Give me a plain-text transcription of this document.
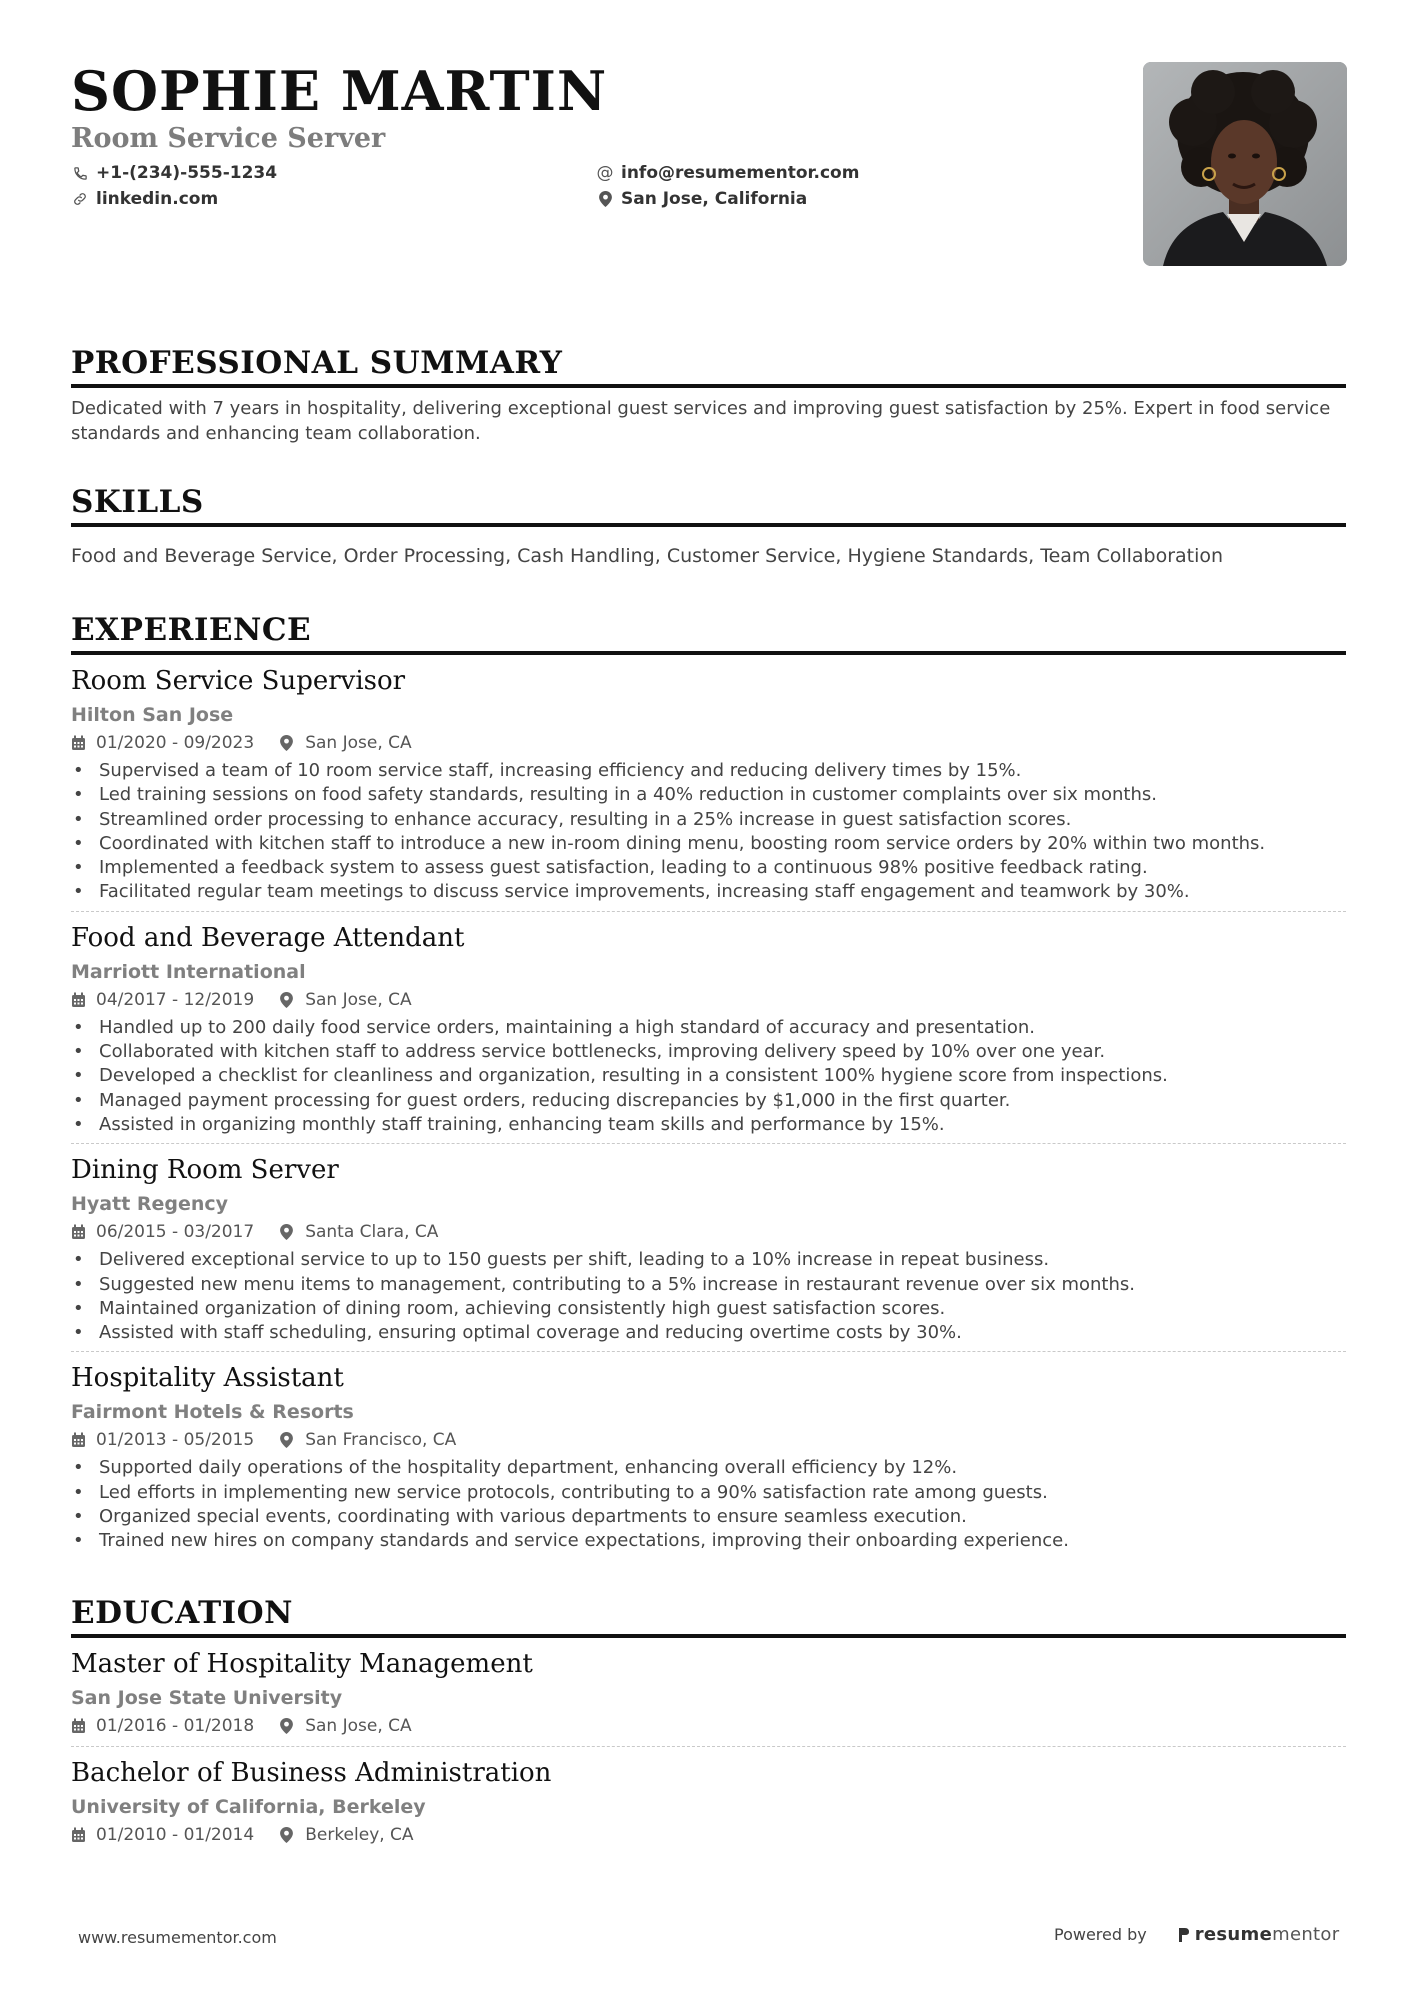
SOPHIE MARTIN
Room Service Server
+1-(234)-555-1234
linkedin.com
@ info@resumementor.com
San Jose, California
PROFESSIONAL SUMMARY
Dedicated with 7 years in hospitality, delivering exceptional guest services and improving guest satisfaction by 25%. Expert in food service standards and enhancing team collaboration.
SKILLS
Food and Beverage Service, Order Processing, Cash Handling, Customer Service, Hygiene Standards, Team Collaboration
EXPERIENCE
Room Service Supervisor
Hilton San Jose
01/2020 - 09/2023	San Jose, CA
• Supervised a team of 10 room service staff, increasing efficiency and reducing delivery times by 15%.
• Led training sessions on food safety standards, resulting in a 40% reduction in customer complaints over six months.
• Streamlined order processing to enhance accuracy, resulting in a 25% increase in guest satisfaction scores.
• Coordinated with kitchen staff to introduce a new in-room dining menu, boosting room service orders by 20% within two months.
• Implemented a feedback system to assess guest satisfaction, leading to a continuous 98% positive feedback rating.
• Facilitated regular team meetings to discuss service improvements, increasing staff engagement and teamwork by 30%.
Food and Beverage Attendant
Marriott International
04/2017 - 12/2019	San Jose, CA
• Handled up to 200 daily food service orders, maintaining a high standard of accuracy and presentation.
• Collaborated with kitchen staff to address service bottlenecks, improving delivery speed by 10% over one year.
• Developed a checklist for cleanliness and organization, resulting in a consistent 100% hygiene score from inspections.
• Managed payment processing for guest orders, reducing discrepancies by $1,000 in the first quarter.
• Assisted in organizing monthly staff training, enhancing team skills and performance by 15%.
Dining Room Server
Hyatt Regency
06/2015 - 03/2017	Santa Clara, CA
• Delivered exceptional service to up to 150 guests per shift, leading to a 10% increase in repeat business.
• Suggested new menu items to management, contributing to a 5% increase in restaurant revenue over six months.
• Maintained organization of dining room, achieving consistently high guest satisfaction scores.
• Assisted with staff scheduling, ensuring optimal coverage and reducing overtime costs by 30%.
Hospitality Assistant
Fairmont Hotels & Resorts
01/2013 - 05/2015	San Francisco, CA
• Supported daily operations of the hospitality department, enhancing overall efficiency by 12%.
• Led efforts in implementing new service protocols, contributing to a 90% satisfaction rate among guests.
• Organized special events, coordinating with various departments to ensure seamless execution.
• Trained new hires on company standards and service expectations, improving their onboarding experience.
EDUCATION
Master of Hospitality Management
San Jose State University
01/2016 - 01/2018	San Jose, CA
Bachelor of Business Administration
University of California, Berkeley
01/2010 - 01/2014	Berkeley, CA
www.resumementor.com	Powered by	resume mentor
